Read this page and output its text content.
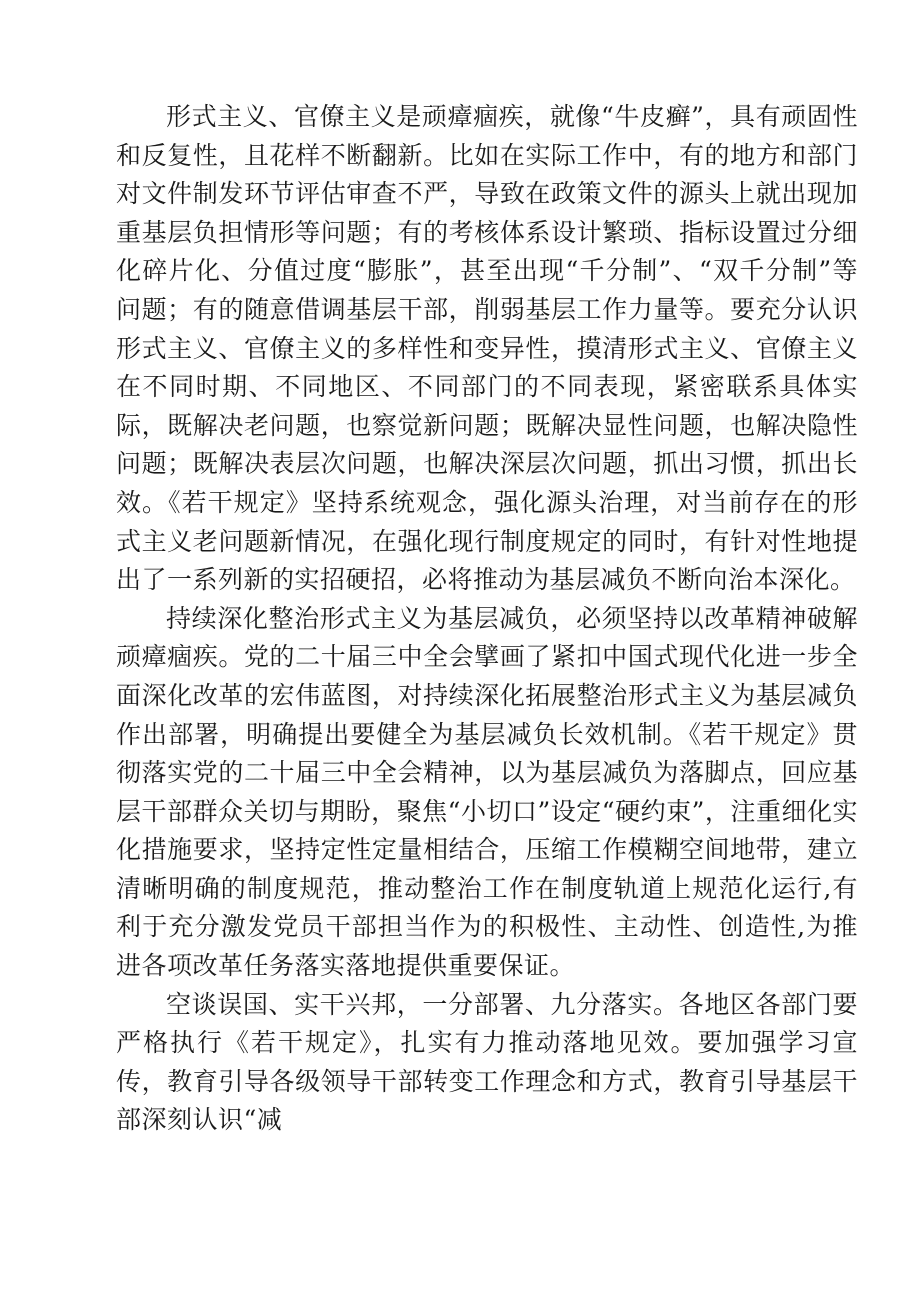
形式主义、官僚主义是顽瘴痼疾，就像“牛皮癣”，具有顽固性和反复性，且花样不断翻新。比如在实际工作中，有的地方和部门对文件制发环节评估审查不严，导致在政策文件的源头上就出现加重基层负担情形等问题；有的考核体系设计繁琐、指标设置过分细化碎片化、分值过度“膨胀”，甚至出现“千分制”、“双千分制”等问题；有的随意借调基层干部，削弱基层工作力量等。要充分认识形式主义、官僚主义的多样性和变异性，摸清形式主义、官僚主义在不同时期、不同地区、不同部门的不同表现，紧密联系具体实际，既解决老问题，也察觉新问题；既解决显性问题，也解决隐性问题；既解决表层次问题，也解决深层次问题，抓出习惯，抓出长效。《若干规定》坚持系统观念，强化源头治理，对当前存在的形式主义老问题新情况，在强化现行制度规定的同时，有针对性地提出了一系列新的实招硬招，必将推动为基层减负不断向治本深化。

持续深化整治形式主义为基层减负，必须坚持以改革精神破解顽瘴痼疾。党的二十届三中全会擘画了紧扣中国式现代化进一步全面深化改革的宏伟蓝图，对持续深化拓展整治形式主义为基层减负作出部署，明确提出要健全为基层减负长效机制。《若干规定》贯彻落实党的二十届三中全会精神，以为基层减负为落脚点，回应基层干部群众关切与期盼，聚焦“小切口”设定“硬约束”，注重细化实化措施要求，坚持定性定量相结合，压缩工作模糊空间地带，建立清晰明确的制度规范，推动整治工作在制度轨道上规范化运行,有利于充分激发党员干部担当作为的积极性、主动性、创造性,为推进各项改革任务落实落地提供重要保证。

空谈误国、实干兴邦，一分部署、九分落实。各地区各部门要严格执行《若干规定》，扎实有力推动落地见效。要加强学习宣传，教育引导各级领导干部转变工作理念和方式，教育引导基层干部深刻认识“减
